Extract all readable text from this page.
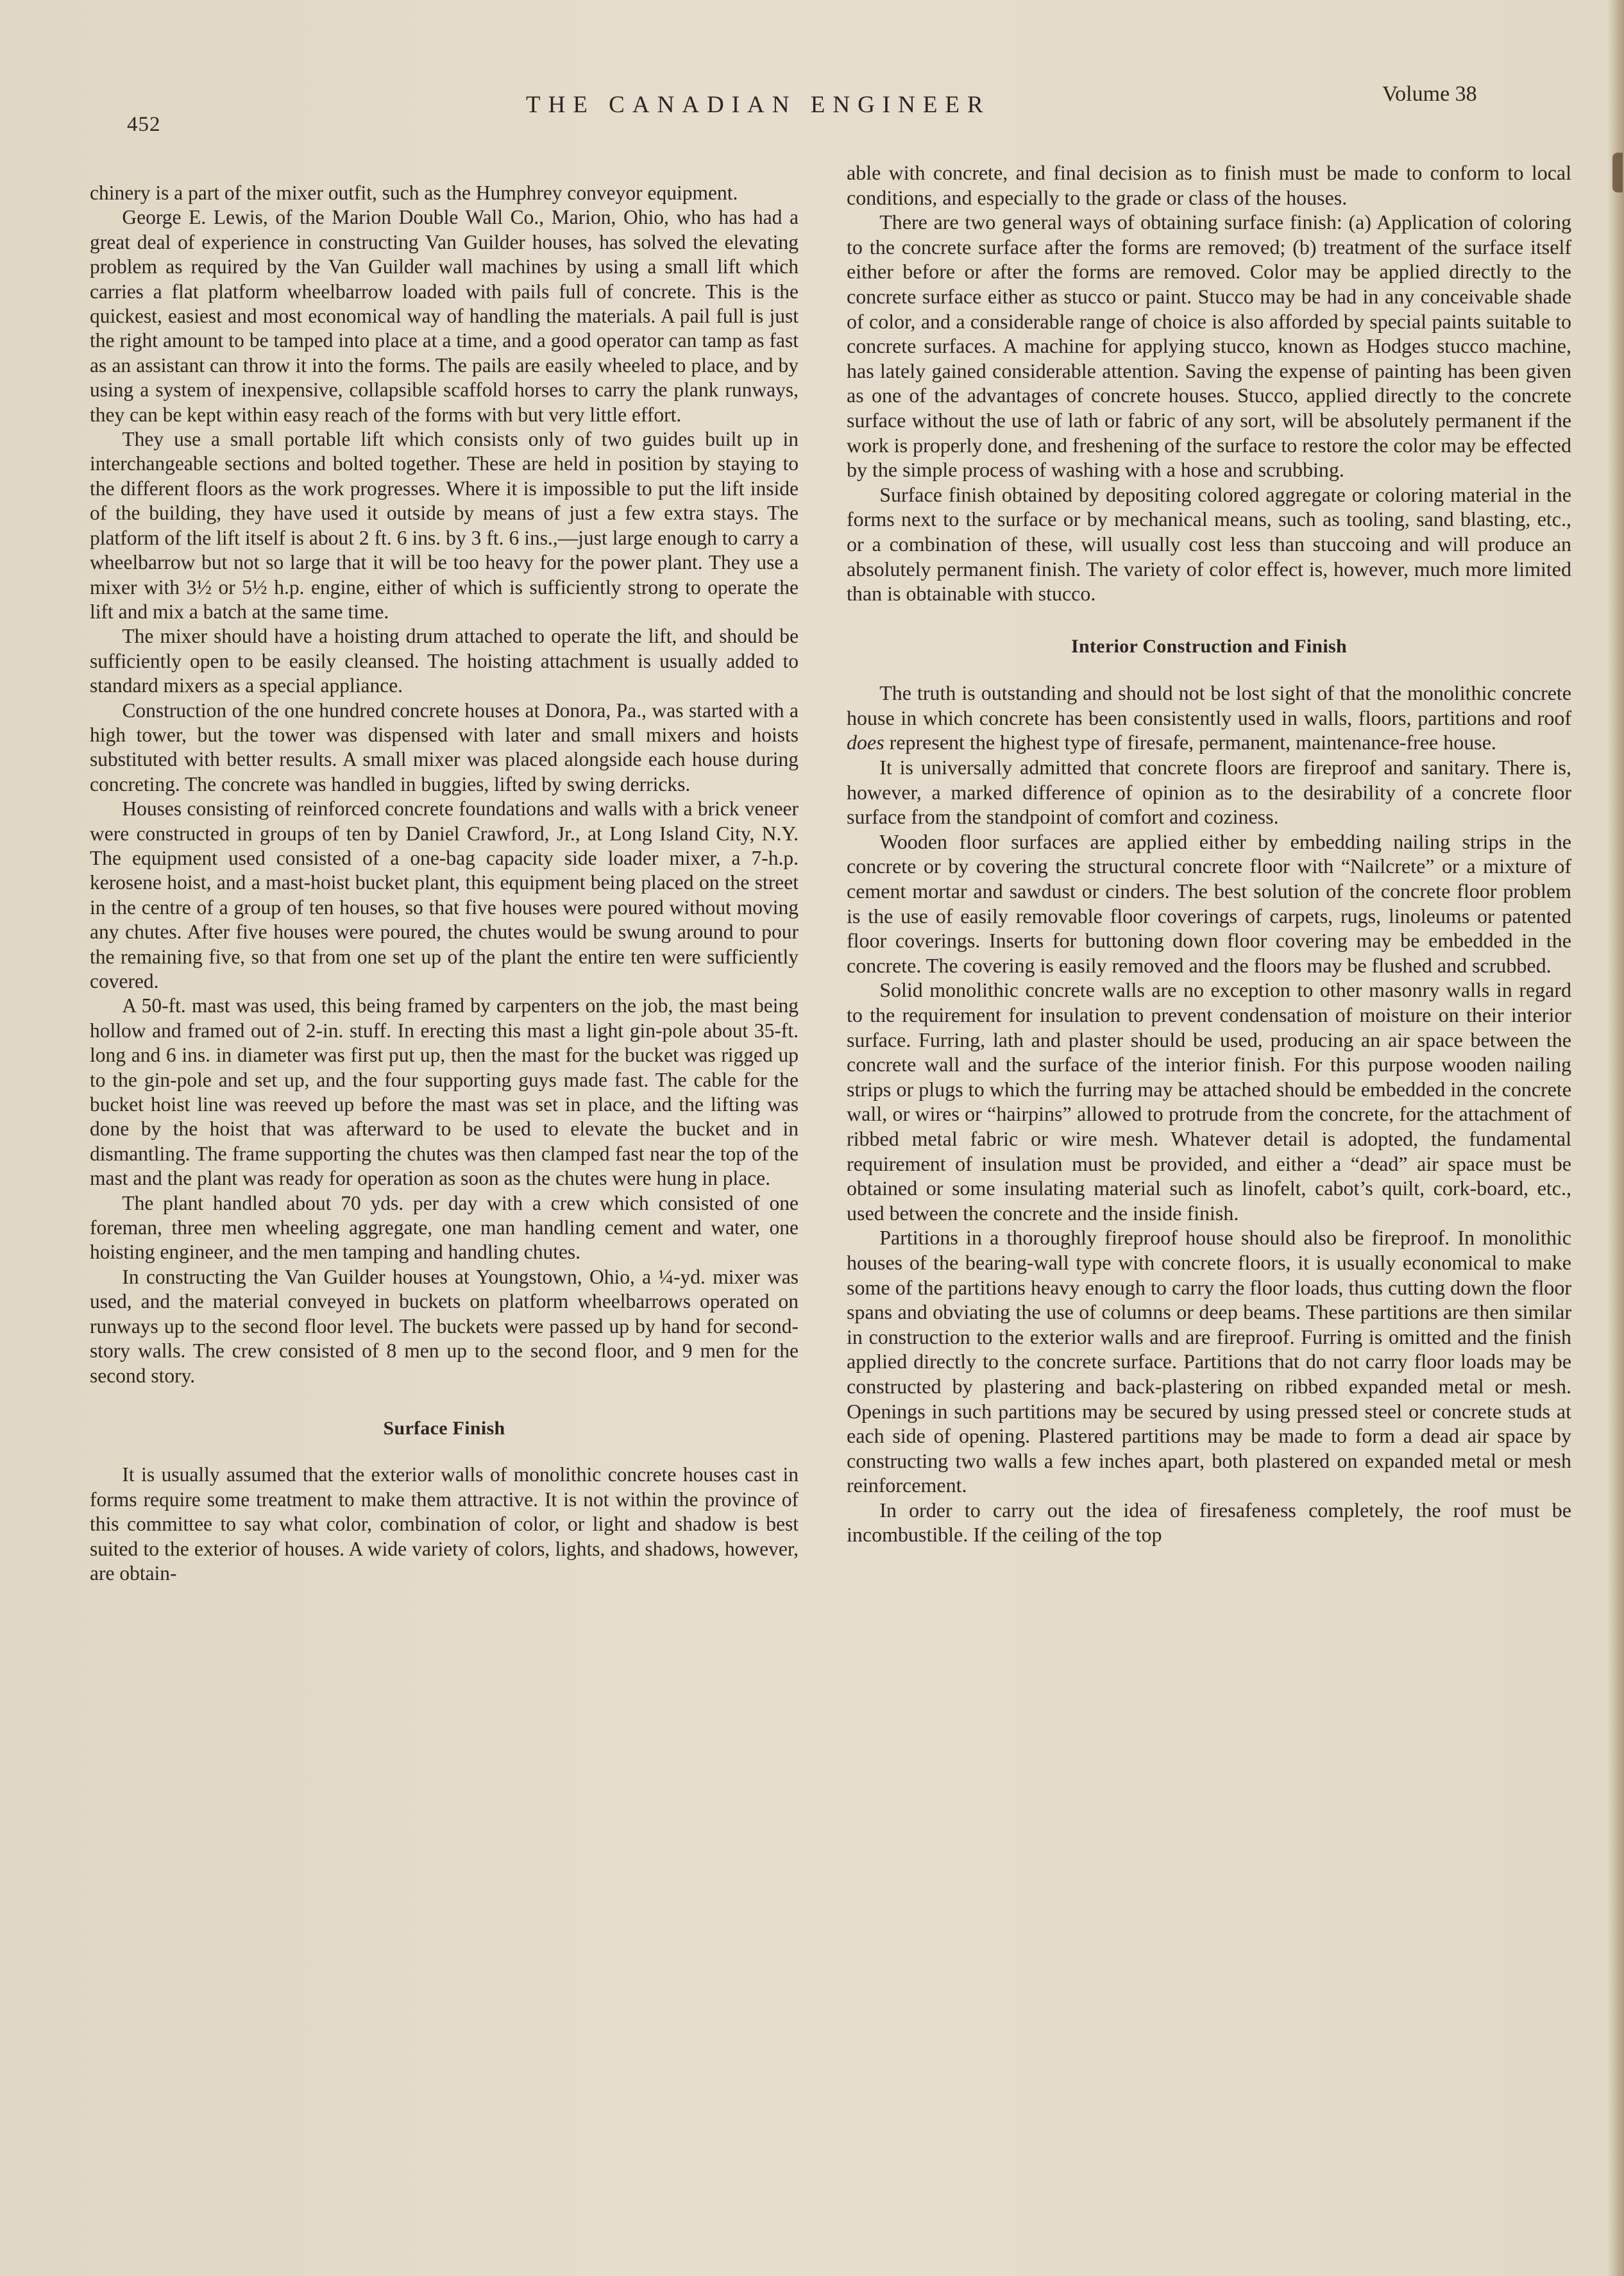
452
THE CANADIAN ENGINEER	Volume 38

chinery is a part of the mixer outfit, such as the Humphrey conveyor equipment.

George E. Lewis, of the Marion Double Wall Co., Marion, Ohio, who has had a great deal of experience in constructing Van Guilder houses, has solved the elevating problem as required by the Van Guilder wall machines by using a small lift which carries a flat platform wheelbarrow loaded with pails full of concrete. This is the quickest, easiest and most economical way of handling the materials. A pail full is just the right amount to be tamped into place at a time, and a good operator can tamp as fast as an assistant can throw it into the forms. The pails are easily wheeled to place, and by using a system of inexpensive, collapsible scaffold horses to carry the plank runways, they can be kept within easy reach of the forms with but very little effort.

They use a small portable lift which consists only of two guides built up in interchangeable sections and bolted together. These are held in position by staying to the different floors as the work progresses. Where it is impossible to put the lift inside of the building, they have used it outside by means of just a few extra stays. The platform of the lift itself is about 2 ft. 6 ins. by 3 ft. 6 ins.,—just large enough to carry a wheelbarrow but not so large that it will be too heavy for the power plant. They use a mixer with 3½ or 5½ h.p. engine, either of which is sufficiently strong to operate the lift and mix a batch at the same time.

The mixer should have a hoisting drum attached to operate the lift, and should be sufficiently open to be easily cleansed. The hoisting attachment is usually added to standard mixers as a special appliance.

Construction of the one hundred concrete houses at Donora, Pa., was started with a high tower, but the tower was dispensed with later and small mixers and hoists substituted with better results. A small mixer was placed alongside each house during concreting. The concrete was handled in buggies, lifted by swing derricks.

Houses consisting of reinforced concrete foundations and walls with a brick veneer were constructed in groups of ten by Daniel Crawford, Jr., at Long Island City, N.Y. The equipment used consisted of a one-bag capacity side loader mixer, a 7-h.p. kerosene hoist, and a mast-hoist bucket plant, this equipment being placed on the street in the centre of a group of ten houses, so that five houses were poured without moving any chutes. After five houses were poured, the chutes would be swung around to pour the remaining five, so that from one set up of the plant the entire ten were sufficiently covered.

A 50-ft. mast was used, this being framed by carpenters on the job, the mast being hollow and framed out of 2-in. stuff. In erecting this mast a light gin-pole about 35-ft. long and 6 ins. in diameter was first put up, then the mast for the bucket was rigged up to the gin-pole and set up, and the four supporting guys made fast. The cable for the bucket hoist line was reeved up before the mast was set in place, and the lifting was done by the hoist that was afterward to be used to elevate the bucket and in dismantling. The frame supporting the chutes was then clamped fast near the top of the mast and the plant was ready for operation as soon as the chutes were hung in place.

The plant handled about 70 yds. per day with a crew which consisted of one foreman, three men wheeling aggregate, one man handling cement and water, one hoisting engineer, and the men tamping and handling chutes.

In constructing the Van Guilder houses at Youngstown, Ohio, a ¼-yd. mixer was used, and the material conveyed in buckets on platform wheelbarrows operated on runways up to the second floor level. The buckets were passed up by hand for second-story walls. The crew consisted of 8 men up to the second floor, and 9 men for the second story.

Surface Finish

It is usually assumed that the exterior walls of monolithic concrete houses cast in forms require some treatment to make them attractive. It is not within the province of this committee to say what color, combination of color, or light and shadow is best suited to the exterior of houses. A wide variety of colors, lights, and shadows, however, are obtain-

able with concrete, and final decision as to finish must be made to conform to local conditions, and especially to the grade or class of the houses.

There are two general ways of obtaining surface finish: (a) Application of coloring to the concrete surface after the forms are removed; (b) treatment of the surface itself either before or after the forms are removed. Color may be applied directly to the concrete surface either as stucco or paint. Stucco may be had in any conceivable shade of color, and a considerable range of choice is also afforded by special paints suitable to concrete surfaces. A machine for applying stucco, known as Hodges stucco machine, has lately gained considerable attention. Saving the expense of painting has been given as one of the advantages of concrete houses. Stucco, applied directly to the concrete surface without the use of lath or fabric of any sort, will be absolutely permanent if the work is properly done, and freshening of the surface to restore the color may be effected by the simple process of washing with a hose and scrubbing.

Surface finish obtained by depositing colored aggregate or coloring material in the forms next to the surface or by mechanical means, such as tooling, sand blasting, etc., or a combination of these, will usually cost less than stuccoing and will produce an absolutely permanent finish. The variety of color effect is, however, much more limited than is obtainable with stucco.

Interior Construction and Finish

The truth is outstanding and should not be lost sight of that the monolithic concrete house in which concrete has been consistently used in walls, floors, partitions and roof does represent the highest type of firesafe, permanent, maintenance-free house.

It is universally admitted that concrete floors are fireproof and sanitary. There is, however, a marked difference of opinion as to the desirability of a concrete floor surface from the standpoint of comfort and coziness.

Wooden floor surfaces are applied either by embedding nailing strips in the concrete or by covering the structural concrete floor with “Nailcrete” or a mixture of cement mortar and sawdust or cinders. The best solution of the concrete floor problem is the use of easily removable floor coverings of carpets, rugs, linoleums or patented floor coverings. Inserts for buttoning down floor covering may be embedded in the concrete. The covering is easily removed and the floors may be flushed and scrubbed.

Solid monolithic concrete walls are no exception to other masonry walls in regard to the requirement for insulation to prevent condensation of moisture on their interior surface. Furring, lath and plaster should be used, producing an air space between the concrete wall and the surface of the interior finish. For this purpose wooden nailing strips or plugs to which the furring may be attached should be embedded in the concrete wall, or wires or “hairpins” allowed to protrude from the concrete, for the attachment of ribbed metal fabric or wire mesh. Whatever detail is adopted, the fundamental requirement of insulation must be provided, and either a “dead” air space must be obtained or some insulating material such as linofelt, cabot’s quilt, cork-board, etc., used between the concrete and the inside finish.

Partitions in a thoroughly fireproof house should also be fireproof. In monolithic houses of the bearing-wall type with concrete floors, it is usually economical to make some of the partitions heavy enough to carry the floor loads, thus cutting down the floor spans and obviating the use of columns or deep beams. These partitions are then similar in construction to the exterior walls and are fireproof. Furring is omitted and the finish applied directly to the concrete surface. Partitions that do not carry floor loads may be constructed by plastering and back-plastering on ribbed expanded metal or mesh. Openings in such partitions may be secured by using pressed steel or concrete studs at each side of opening. Plastered partitions may be made to form a dead air space by constructing two walls a few inches apart, both plastered on expanded metal or mesh reinforcement.

In order to carry out the idea of firesafeness completely, the roof must be incombustible. If the ceiling of the top
